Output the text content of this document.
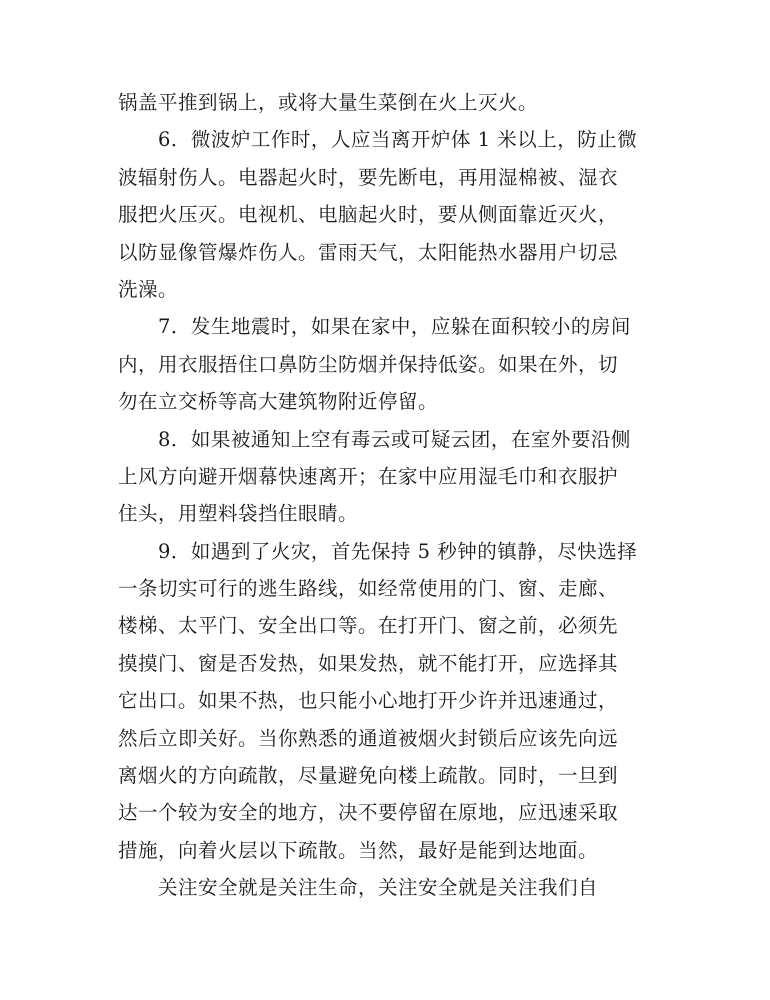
锅盖平推到锅上，或将大量生菜倒在火上灭火。
6．微波炉工作时，人应当离开炉体 1 米以上，防止微
波辐射伤人。电器起火时，要先断电，再用湿棉被、湿衣
服把火压灭。电视机、电脑起火时，要从侧面靠近灭火，
以防显像管爆炸伤人。雷雨天气，太阳能热水器用户切忌
洗澡。
7．发生地震时，如果在家中，应躲在面积较小的房间
内，用衣服捂住口鼻防尘防烟并保持低姿。如果在外，切
勿在立交桥等高大建筑物附近停留。
8．如果被通知上空有毒云或可疑云团，在室外要沿侧
上风方向避开烟幕快速离开；在家中应用湿毛巾和衣服护
住头，用塑料袋挡住眼睛。
9．如遇到了火灾，首先保持 5 秒钟的镇静，尽快选择
一条切实可行的逃生路线，如经常使用的门、窗、走廊、
楼梯、太平门、安全出口等。在打开门、窗之前，必须先
摸摸门、窗是否发热，如果发热，就不能打开，应选择其
它出口。如果不热，也只能小心地打开少许并迅速通过，
然后立即关好。当你熟悉的通道被烟火封锁后应该先向远
离烟火的方向疏散，尽量避免向楼上疏散。同时，一旦到
达一个较为安全的地方，决不要停留在原地，应迅速采取
措施，向着火层以下疏散。当然，最好是能到达地面。
关注安全就是关注生命，关注安全就是关注我们自
